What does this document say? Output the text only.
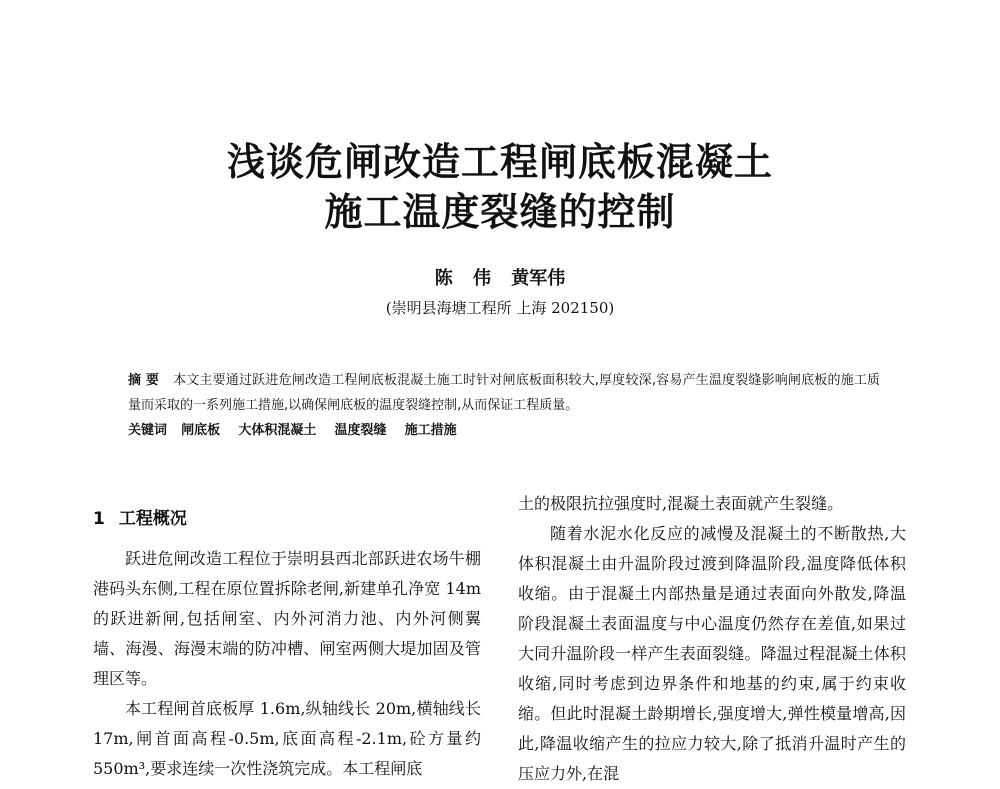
浅谈危闸改造工程闸底板混凝土
施工温度裂缝的控制
陈 伟 黄军伟
(崇明县海塘工程所 上海 202150)
摘 要 本文主要通过跃进危闸改造工程闸底板混凝土施工时针对闸底板面积较大,厚度较深,容易产生温度裂缝影响闸底板的施工质量而采取的一系列施工措施,以确保闸底板的温度裂缝控制,从而保证工程质量。
关键词 闸底板 大体积混凝土 温度裂缝 施工措施
1 工程概况

跃进危闸改造工程位于崇明县西北部跃进农场牛棚港码头东侧,工程在原位置拆除老闸,新建单孔净宽 14m 的跃进新闸,包括闸室、内外河消力池、内外河侧翼墙、海漫、海漫末端的防冲槽、闸室两侧大堤加固及管理区等。

本工程闸首底板厚 1.6m,纵轴线长 20m,横轴线长 17m,闸首面高程-0.5m,底面高程-2.1m,砼方量约 550m³,要求连续一次性浇筑完成。本工程闸底

土的极限抗拉强度时,混凝土表面就产生裂缝。

随着水泥水化反应的减慢及混凝土的不断散热,大体积混凝土由升温阶段过渡到降温阶段,温度降低体积收缩。由于混凝土内部热量是通过表面向外散发,降温阶段混凝土表面温度与中心温度仍然存在差值,如果过大同升温阶段一样产生表面裂缝。降温过程混凝土体积收缩,同时考虑到边界条件和地基的约束,属于约束收缩。但此时混凝土龄期增长,强度增大,弹性模量增高,因此,降温收缩产生的拉应力较大,除了抵消升温时产生的压应力外,在混
